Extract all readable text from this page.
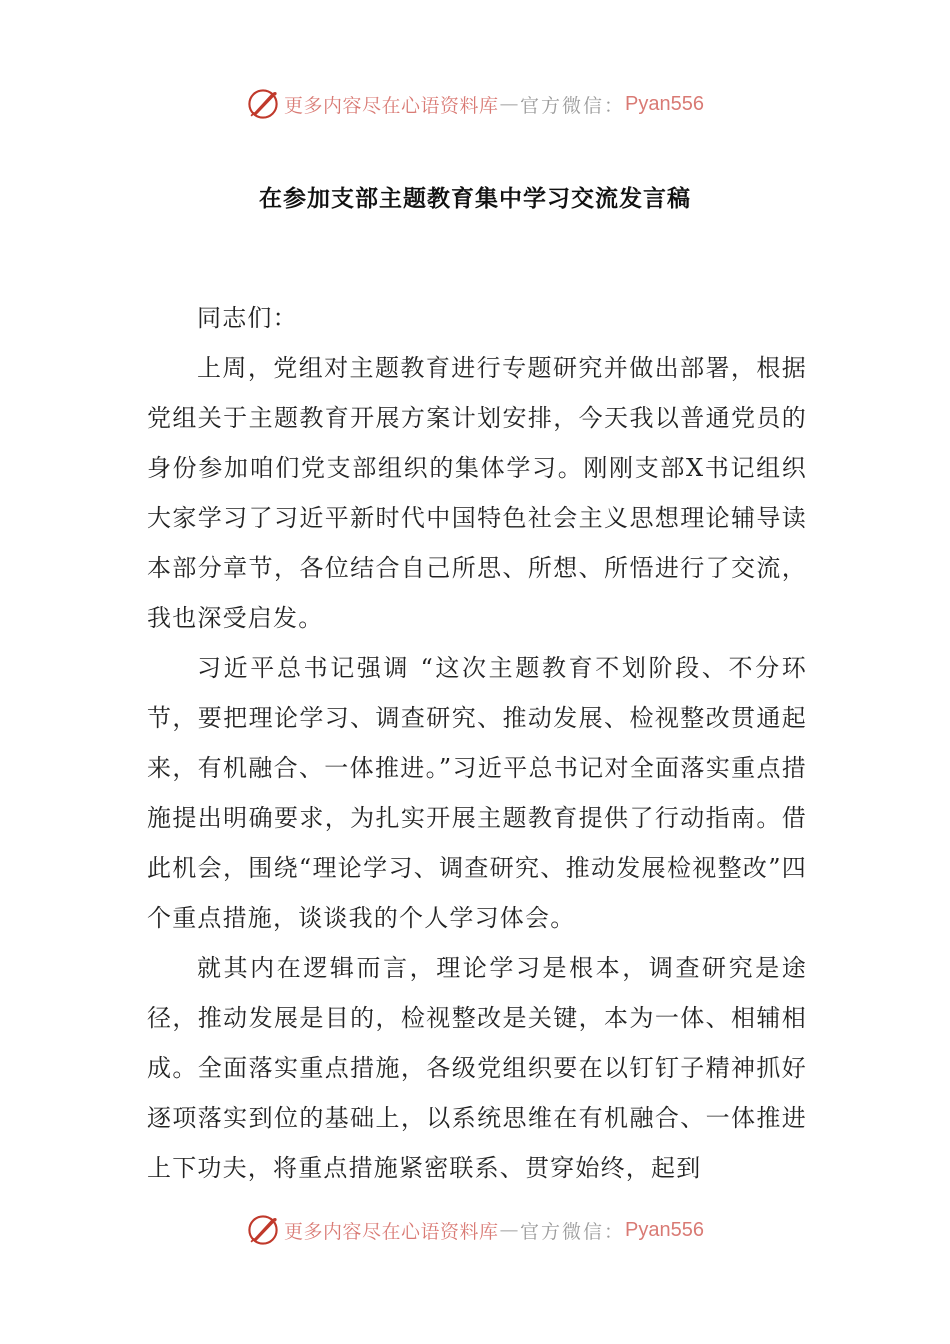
更多内容尽在心语资料库 — 官方微信： Pyan556
在参加支部主题教育集中学习交流发言稿

同志们：

上周，党组对主题教育进行专题研究并做出部署，根据党组关于主题教育开展方案计划安排，今天我以普通党员的身份参加咱们党支部组织的集体学习。刚刚支部X书记组织大家学习了习近平新时代中国特色社会主义思想理论辅导读本部分章节，各位结合自己所思、所想、所悟进行了交流，我也深受启发。

习近平总书记强调 “这次主题教育不划阶段、不分环节，要把理论学习、调查研究、推动发展、检视整改贯通起来，有机融合、一体推进。”习近平总书记对全面落实重点措施提出明确要求，为扎实开展主题教育提供了行动指南。借此机会，围绕“理论学习、调查研究、推动发展检视整改”四个重点措施，谈谈我的个人学习体会。

就其内在逻辑而言，理论学习是根本，调查研究是途径，推动发展是目的，检视整改是关键，本为一体、相辅相成。全面落实重点措施，各级党组织要在以钉钉子精神抓好逐项落实到位的基础上，以系统思维在有机融合、一体推进上下功夫，将重点措施紧密联系、贯穿始终，起到

更多内容尽在心语资料库 — 官方微信： Pyan556
